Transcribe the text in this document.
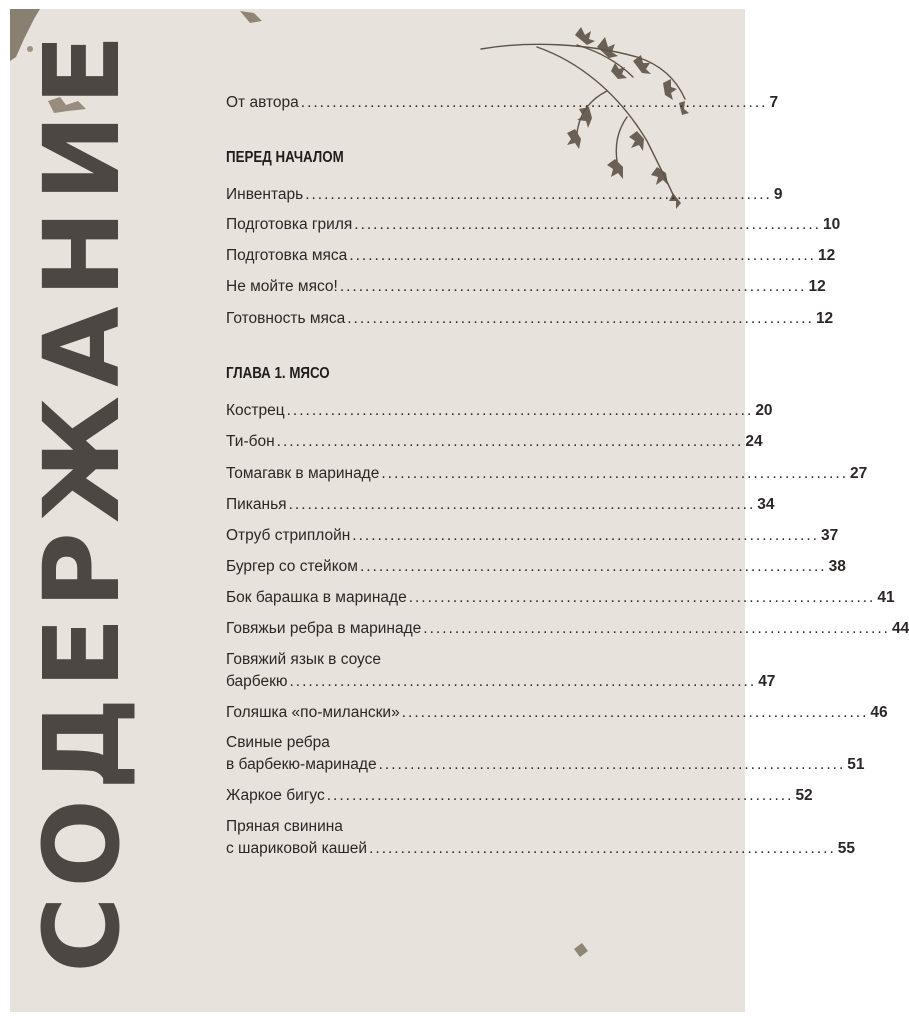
СОДЕРЖАНИЕ	От автора .......................................................................... 7
ПЕРЕД НАЧАЛОМ
Инвентарь .......................................................................... 9
Подготовка гриля .......................................................................... 10
Подготовка мяса .......................................................................... 12
Не мойте мясо! .......................................................................... 12
Готовность мяса .......................................................................... 12
ГЛАВА 1. МЯСО
Кострец .......................................................................... 20
Ти-бон .......................................................................... 24
Томагавк в маринаде .......................................................................... 27
Пиканья .......................................................................... 34
Отруб стриплойн .......................................................................... 37
Бургер со стейком .......................................................................... 38
Бок барашка в маринаде .......................................................................... 41
Говяжьи ребра в маринаде .......................................................................... 44
Говяжий язык в соусе
барбекю .......................................................................... 47
Голяшка «по-милански» .......................................................................... 46
Свиные ребра
в барбекю-маринаде .......................................................................... 51
Жаркое бигус .......................................................................... 52
Пряная свинина
с шариковой кашей .......................................................................... 55
